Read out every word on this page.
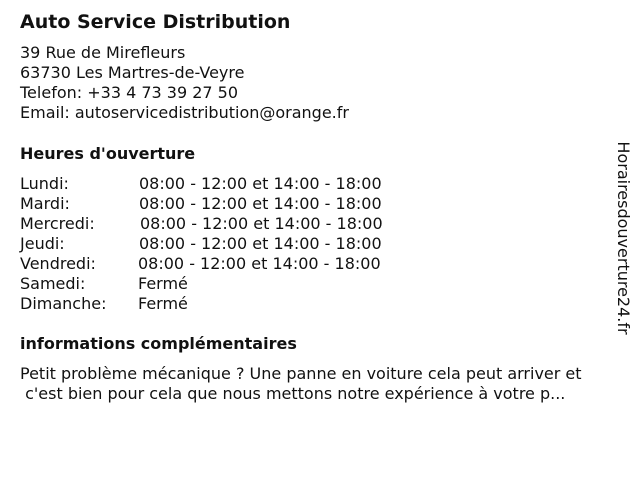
Auto Service Distribution
39 Rue de Mirefleurs
63730 Les Martres-de-Veyre
Telefon: +33 4 73 39 27 50
Email: autoservicedistribution@orange.fr
Heures d'ouverture
Lundi:	08:00 - 12:00 et 14:00 - 18:00
Mardi:	08:00 - 12:00 et 14:00 - 18:00
Mercredi:	08:00 - 12:00 et 14:00 - 18:00
Jeudi:	08:00 - 12:00 et 14:00 - 18:00
Vendredi:	08:00 - 12:00 et 14:00 - 18:00
Samedi:	Fermé
Dimanche: Fermé
informations complémentaires
Petit problème mécanique ? Une panne en voiture cela peut arriver et
c'est bien pour cela que nous mettons notre expérience à votre p...
Horairesdouverture24.fr
